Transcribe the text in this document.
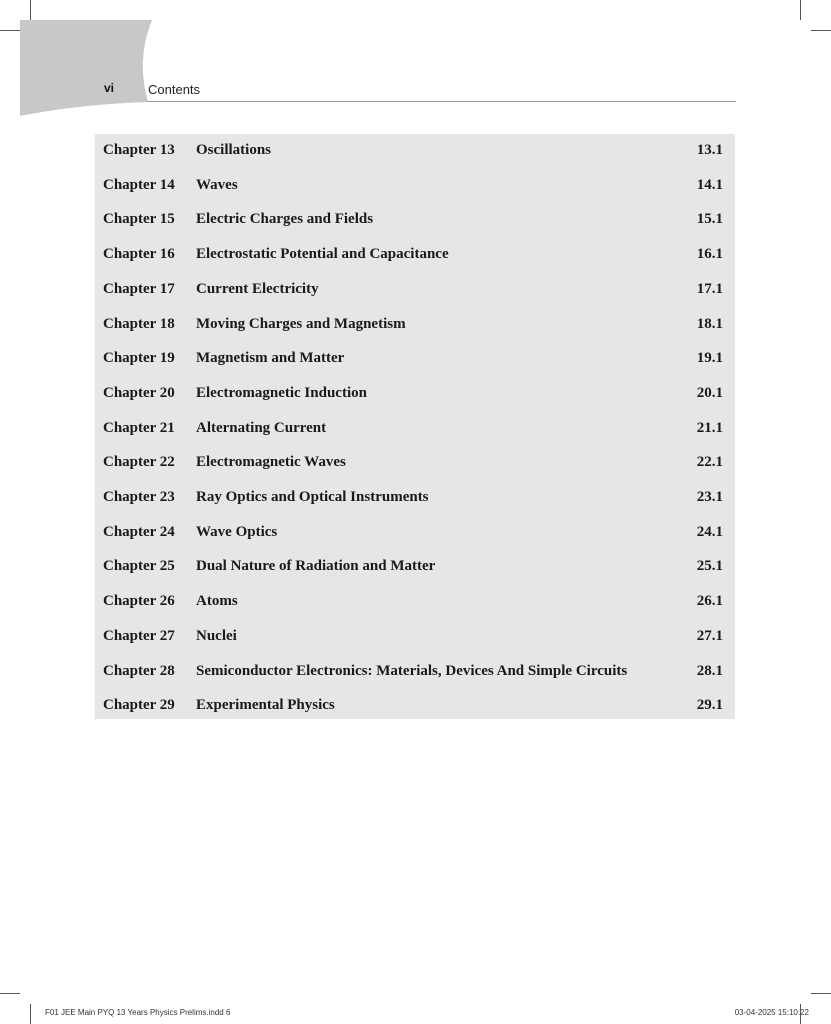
vi	Contents
Chapter 13 Oscillations	13.1
Chapter 14 Waves	14.1
Chapter 15 Electric Charges and Fields	15.1
Chapter 16 Electrostatic Potential and Capacitance	16.1
Chapter 17 Current Electricity	17.1
Chapter 18 Moving Charges and Magnetism	18.1
Chapter 19 Magnetism and Matter	19.1
Chapter 20 Electromagnetic Induction	20.1
Chapter 21 Alternating Current	21.1
Chapter 22 Electromagnetic Waves	22.1
Chapter 23 Ray Optics and Optical Instruments	23.1
Chapter 24 Wave Optics	24.1
Chapter 25 Dual Nature of Radiation and Matter	25.1
Chapter 26 Atoms	26.1
Chapter 27 Nuclei	27.1
Chapter 28 Semiconductor Electronics: Materials, Devices And Simple Circuits	28.1
Chapter 29 Experimental Physics	29.1
F01 JEE Main PYQ 13 Years Physics Prelims.indd 6	03-04-2025 15:10:22
